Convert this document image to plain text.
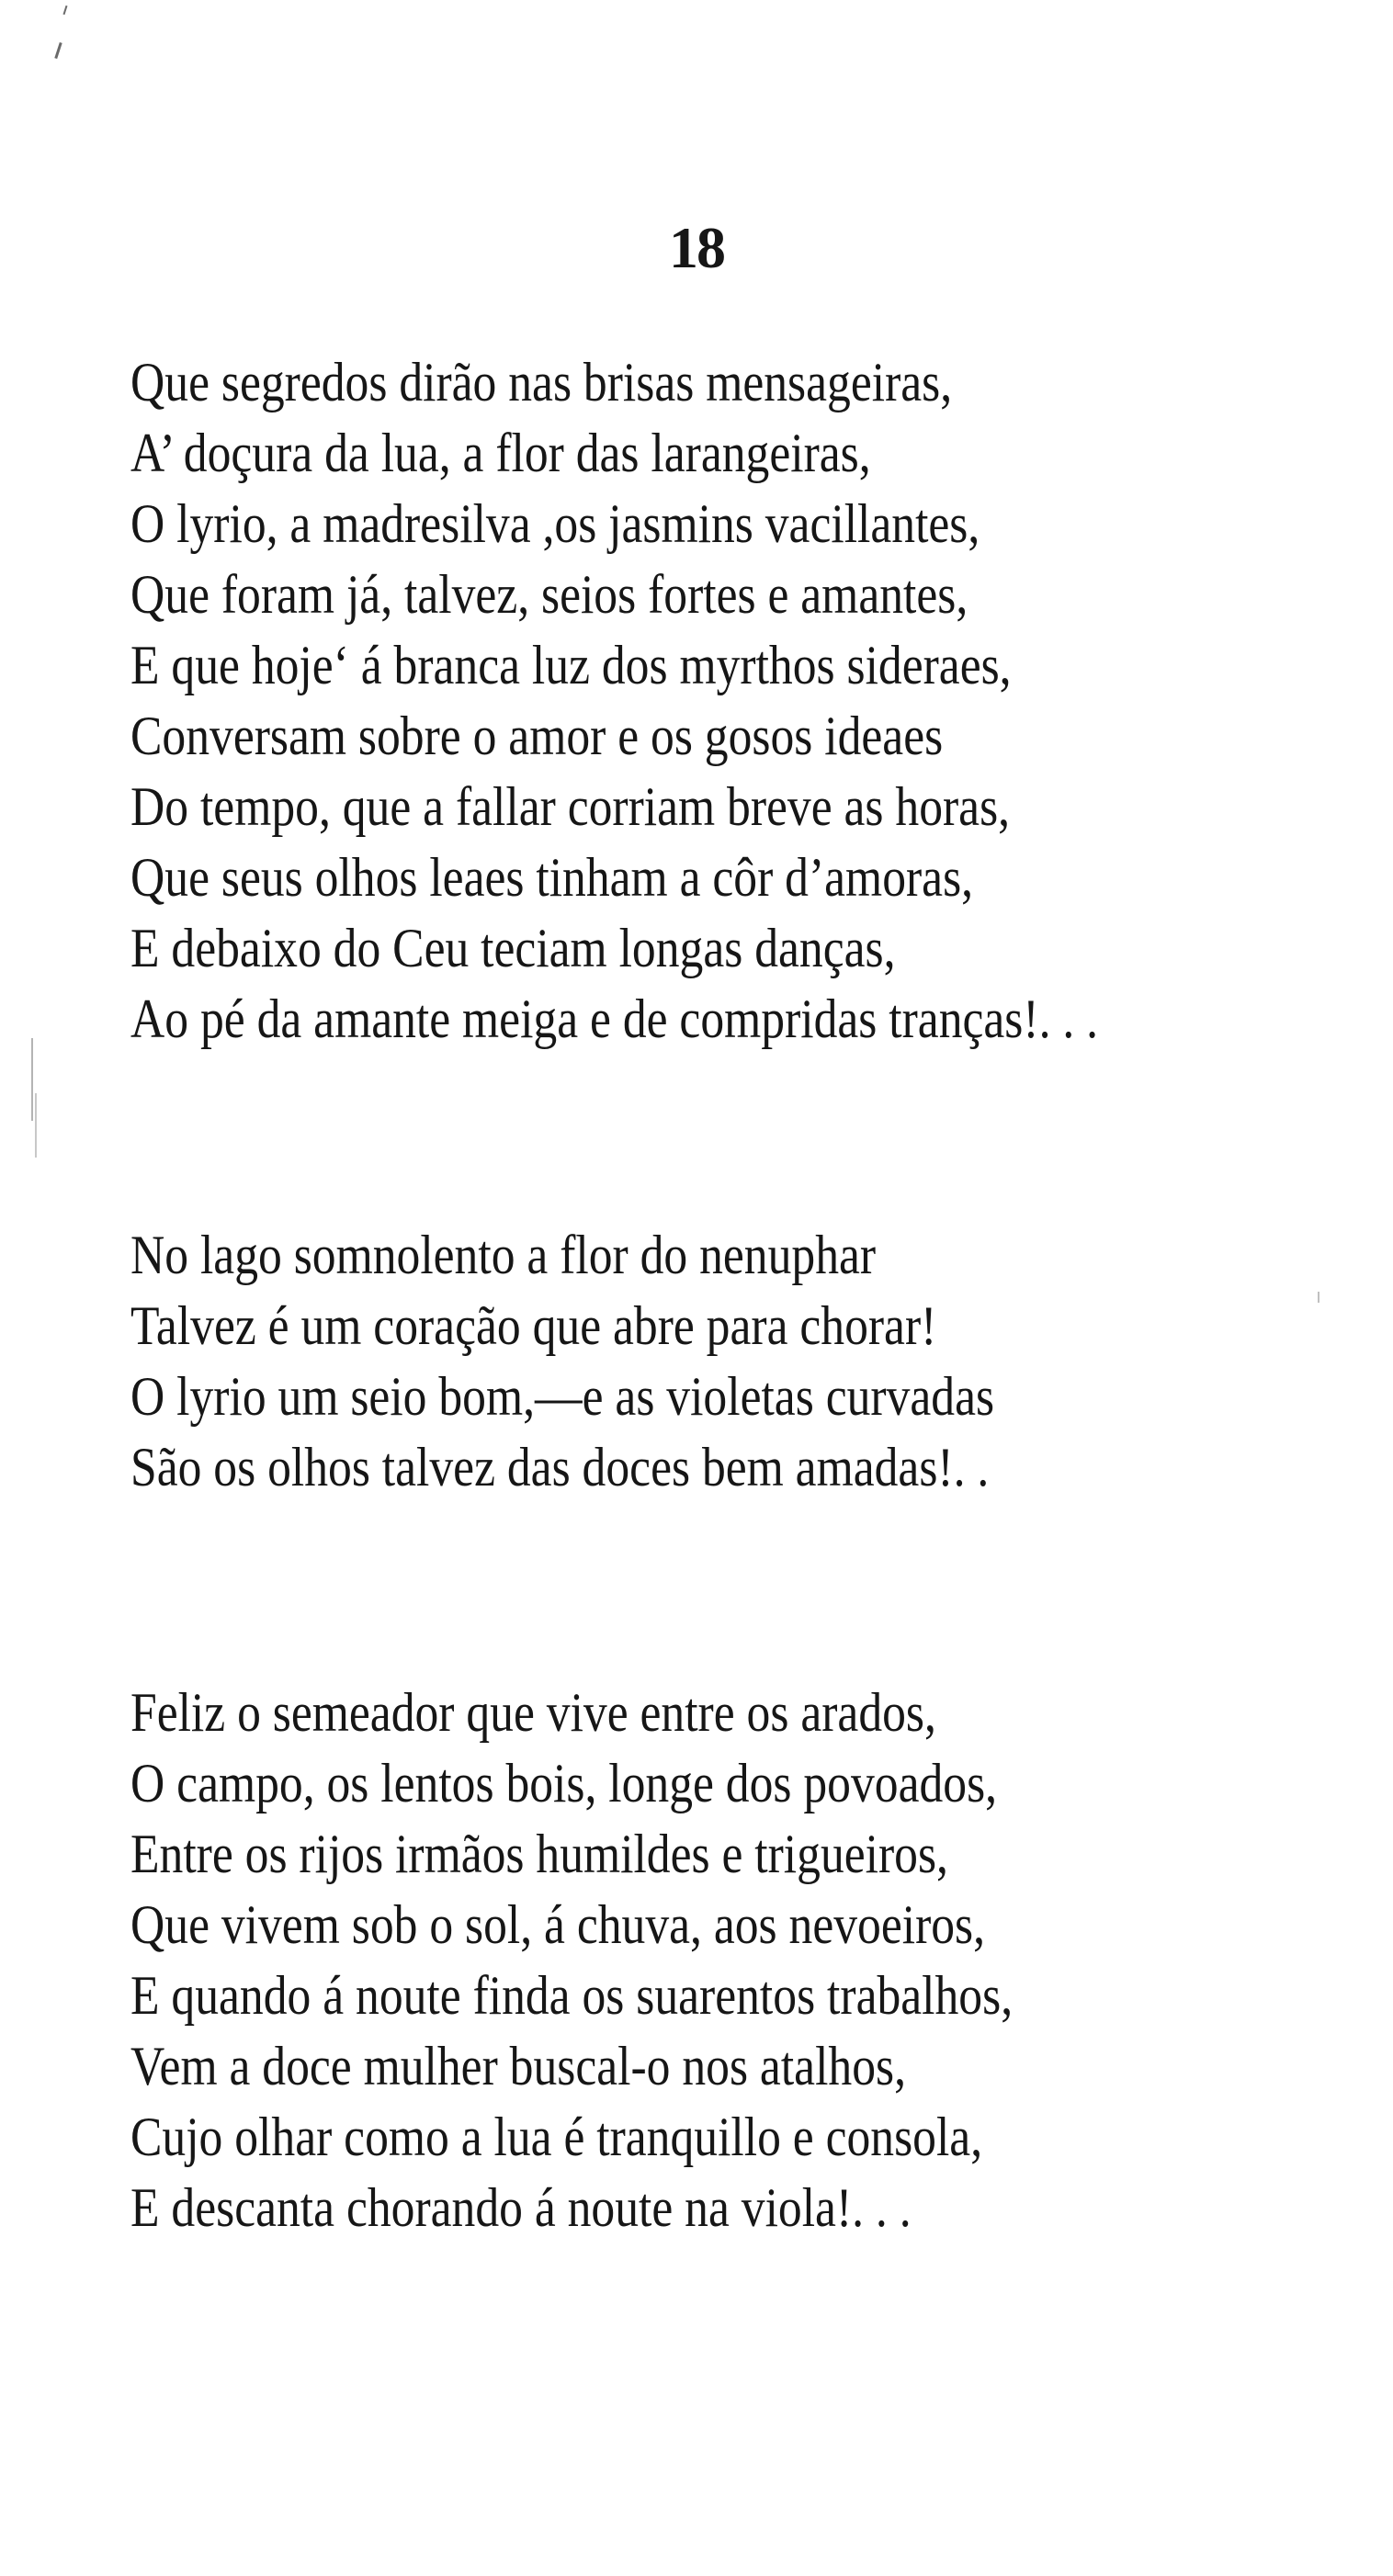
18
Que segredos dirão nas brisas mensageiras,
A’ doçura da lua, a flor das larangeiras,
O lyrio, a madresilva ,os jasmins vacillantes,
Que foram já, talvez, seios fortes e amantes,
E que hoje‘ á branca luz dos myrthos sideraes,
Conversam sobre o amor e os gosos ideaes
Do tempo, que a fallar corriam breve as horas,
Que seus olhos leaes tinham a côr d’amoras,
E debaixo do Ceu teciam longas danças,
Ao pé da amante meiga e de compridas tranças!. . .
No lago somnolento a flor do nenuphar
Talvez é um coração que abre para chorar!
O lyrio um seio bom,—e as violetas curvadas
São os olhos talvez das doces bem amadas!. .
Feliz o semeador que vive entre os arados,
O campo, os lentos bois, longe dos povoados,
Entre os rijos irmãos humildes e trigueiros,
Que vivem sob o sol, á chuva, aos nevoeiros,
E quando á noute finda os suarentos trabalhos,
Vem a doce mulher buscal-o nos atalhos,
Cujo olhar como a lua é tranquillo e consola,
E descanta chorando á noute na viola!. . .
